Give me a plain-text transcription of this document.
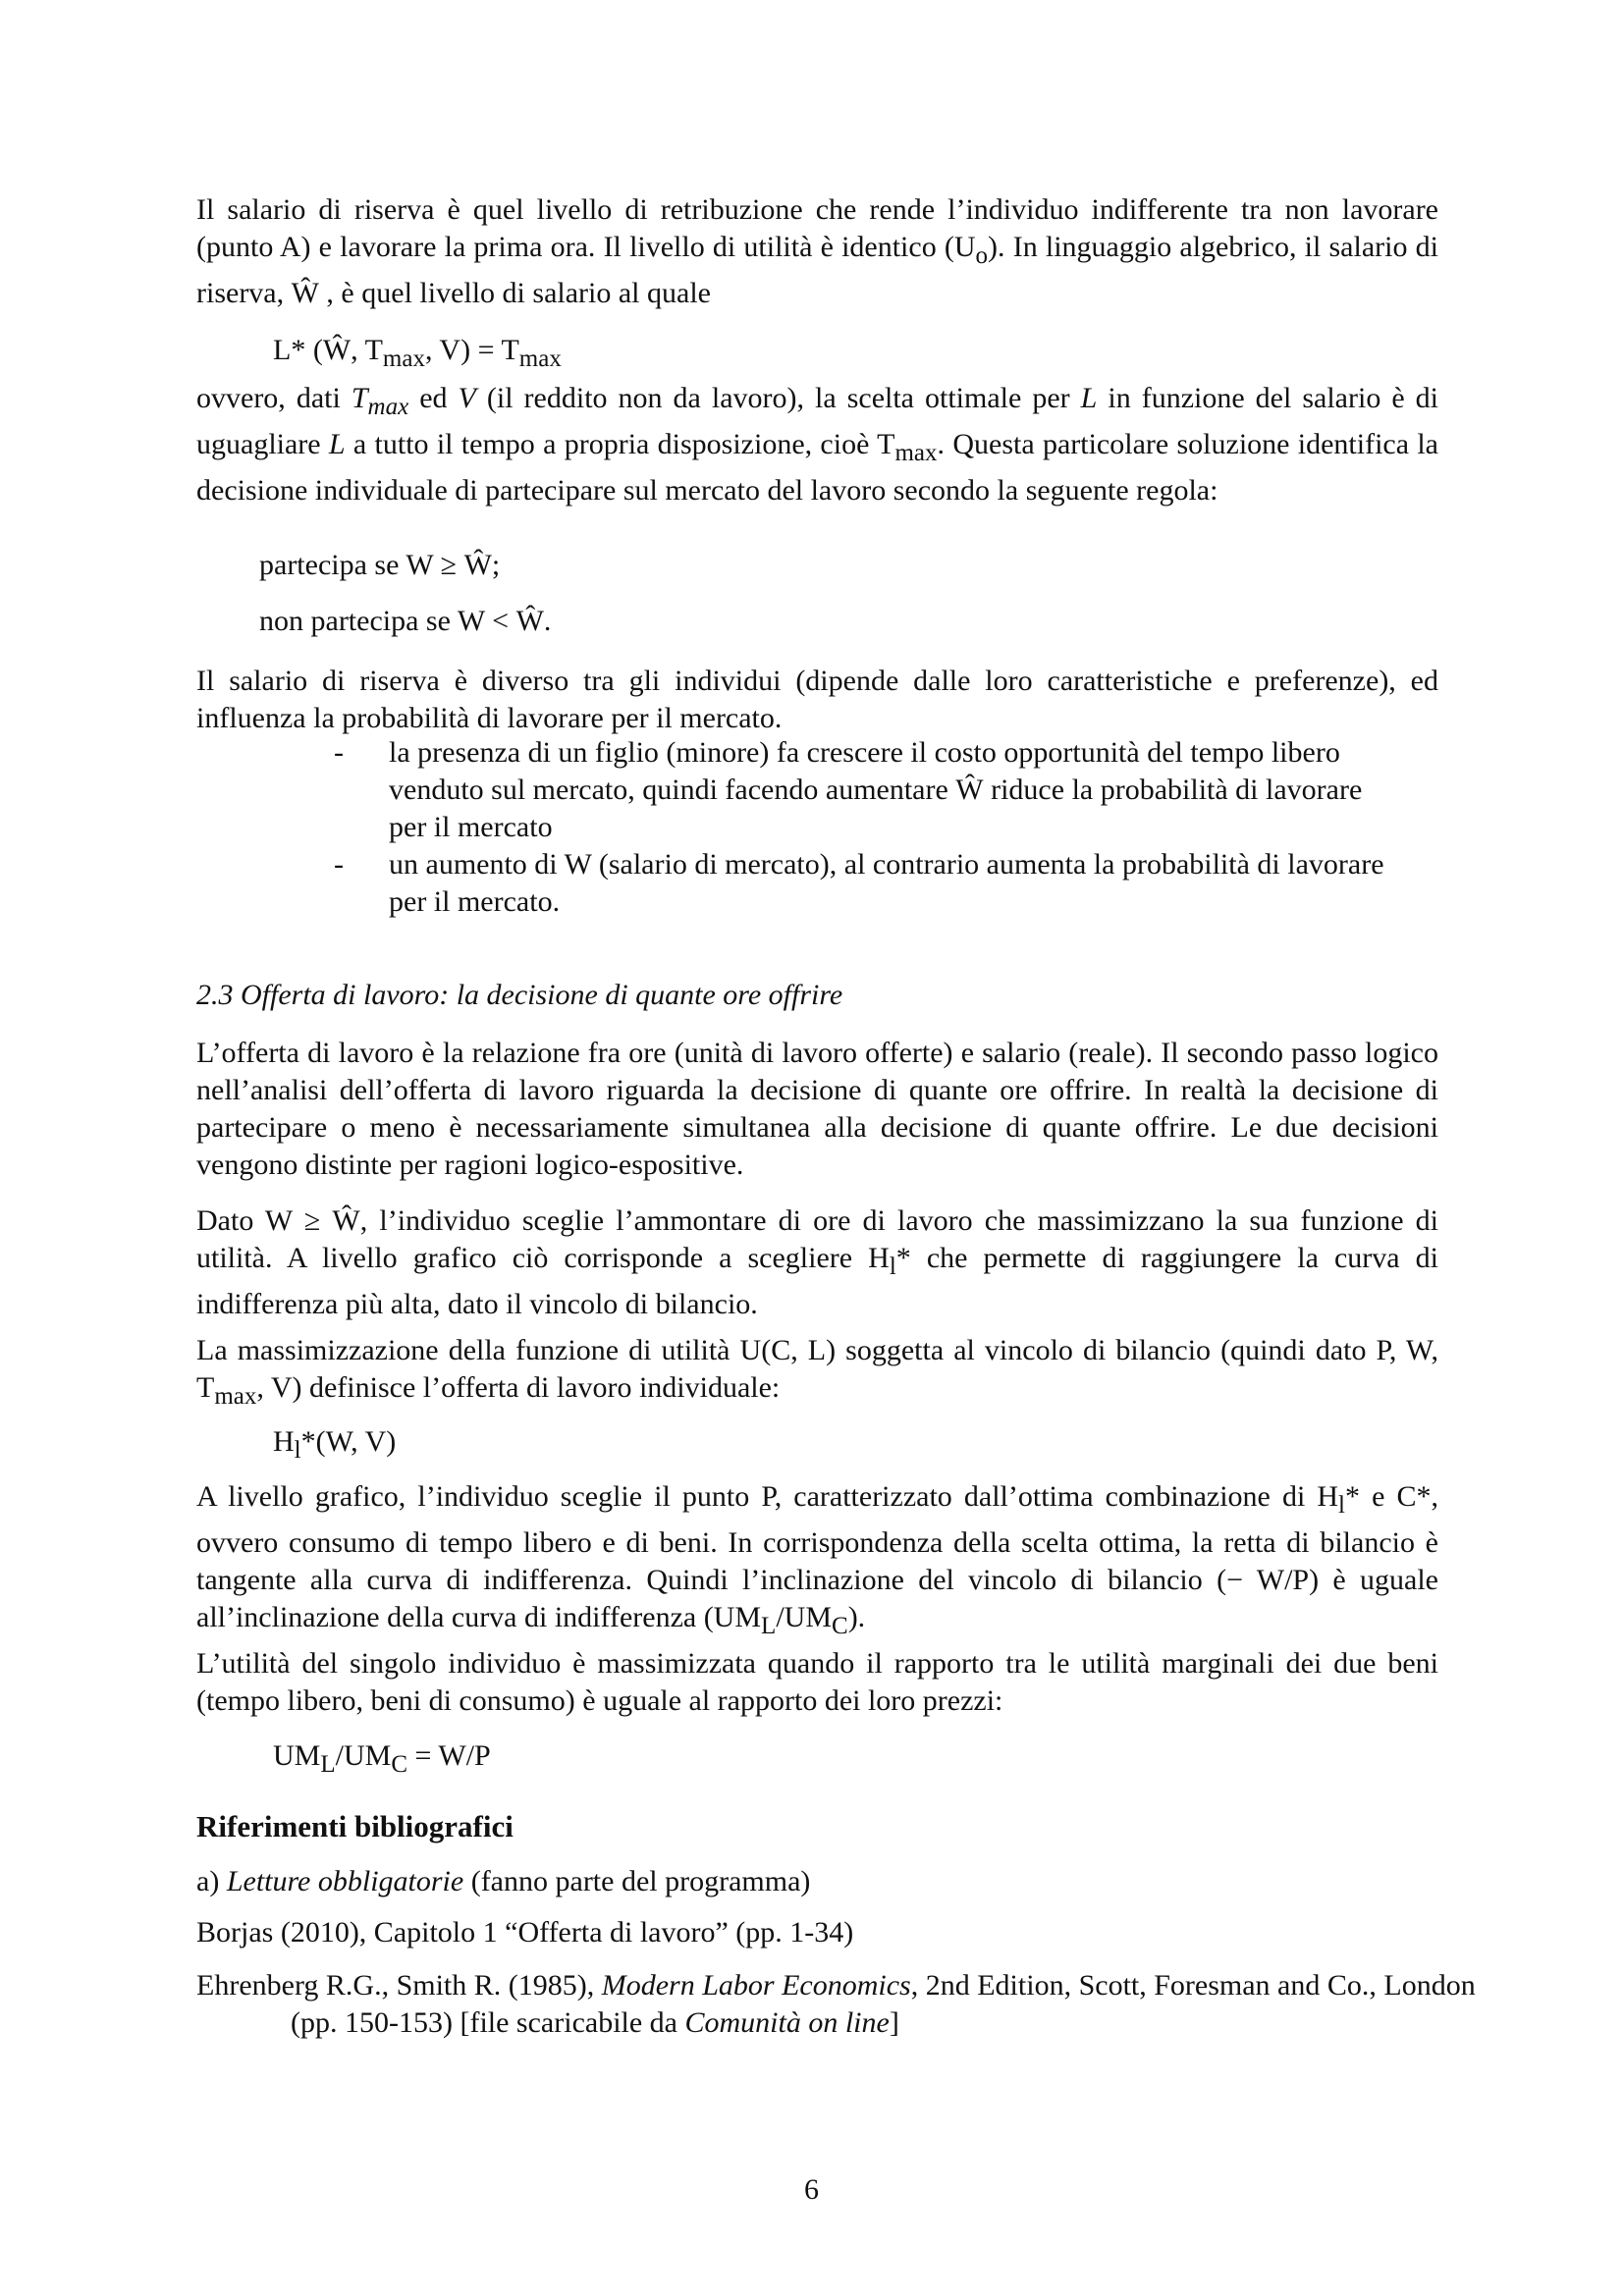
Il salario di riserva è quel livello di retribuzione che rende l’individuo indifferente tra non lavorare (punto A) e lavorare la prima ora. Il livello di utilità è identico $(U_o)$. In linguaggio algebrico, il salario di riserva, Ŵ , è quel livello di salario al quale

L* (Ŵ, $T_{max}$, $V) = T_{max}$

ovvero, dati $T_{max}$ ed V (il reddito non da lavoro), la scelta ottimale per L in funzione del salario è di uguagliare L a tutto il tempo a propria disposizione, cioè $T_{max}$. Questa particolare soluzione identifica la decisione individuale di partecipare sul mercato del lavoro secondo la seguente regola:

partecipa se W ≥ Ŵ;

non partecipa se W < Ŵ.

Il salario di riserva è diverso tra gli individui (dipende dalle loro caratteristiche e preferenze), ed influenza la probabilità di lavorare per il mercato.

- la presenza di un figlio (minore) fa crescere il costo opportunità del tempo libero venduto sul mercato, quindi facendo aumentare Ŵ riduce la probabilità di lavorare per il mercato
- un aumento di W (salario di mercato), al contrario aumenta la probabilità di lavorare per il mercato.

2.3 Offerta di lavoro: la decisione di quante ore offrire

L’offerta di lavoro è la relazione fra ore (unità di lavoro offerte) e salario (reale). Il secondo passo logico nell’analisi dell’offerta di lavoro riguarda la decisione di quante ore offrire. In realtà la decisione di partecipare o meno è necessariamente simultanea alla decisione di quante offrire. Le due decisioni vengono distinte per ragioni logico-espositive.

Dato W ≥ Ŵ, l’individuo sceglie l’ammontare di ore di lavoro che massimizzano la sua funzione di utilità. A livello grafico ciò corrisponde a scegliere $H_l*$ che permette di raggiungere la curva di indifferenza più alta, dato il vincolo di bilancio.

La massimizzazione della funzione di utilità U(C, L) soggetta al vincolo di bilancio (quindi dato P, W, $T_{max}$, V) definisce l’offerta di lavoro individuale:

$H_l*(W$, V)

A livello grafico, l’individuo sceglie il punto P, caratterizzato dall’ottima combinazione di $H_l*$ e C*, ovvero consumo di tempo libero e di beni. In corrispondenza della scelta ottima, la retta di bilancio è tangente alla curva di indifferenza. Quindi l’inclinazione del vincolo di bilancio (− W/P) è uguale all’inclinazione della curva di indifferenza $(UM_L/UM_C)$.

L’utilità del singolo individuo è massimizzata quando il rapporto tra le utilità marginali dei due beni (tempo libero, beni di consumo) è uguale al rapporto dei loro prezzi:

$UM_L/UM_C = W/P$

Riferimenti bibliografici

a) Letture obbligatorie (fanno parte del programma)

Borjas (2010), Capitolo 1 “Offerta di lavoro” (pp. 1-34)

Ehrenberg R.G., Smith R. (1985), Modern Labor Economics, 2nd Edition, Scott, Foresman and Co., London (pp. 150-153) [file scaricabile da Comunità on line]

6
